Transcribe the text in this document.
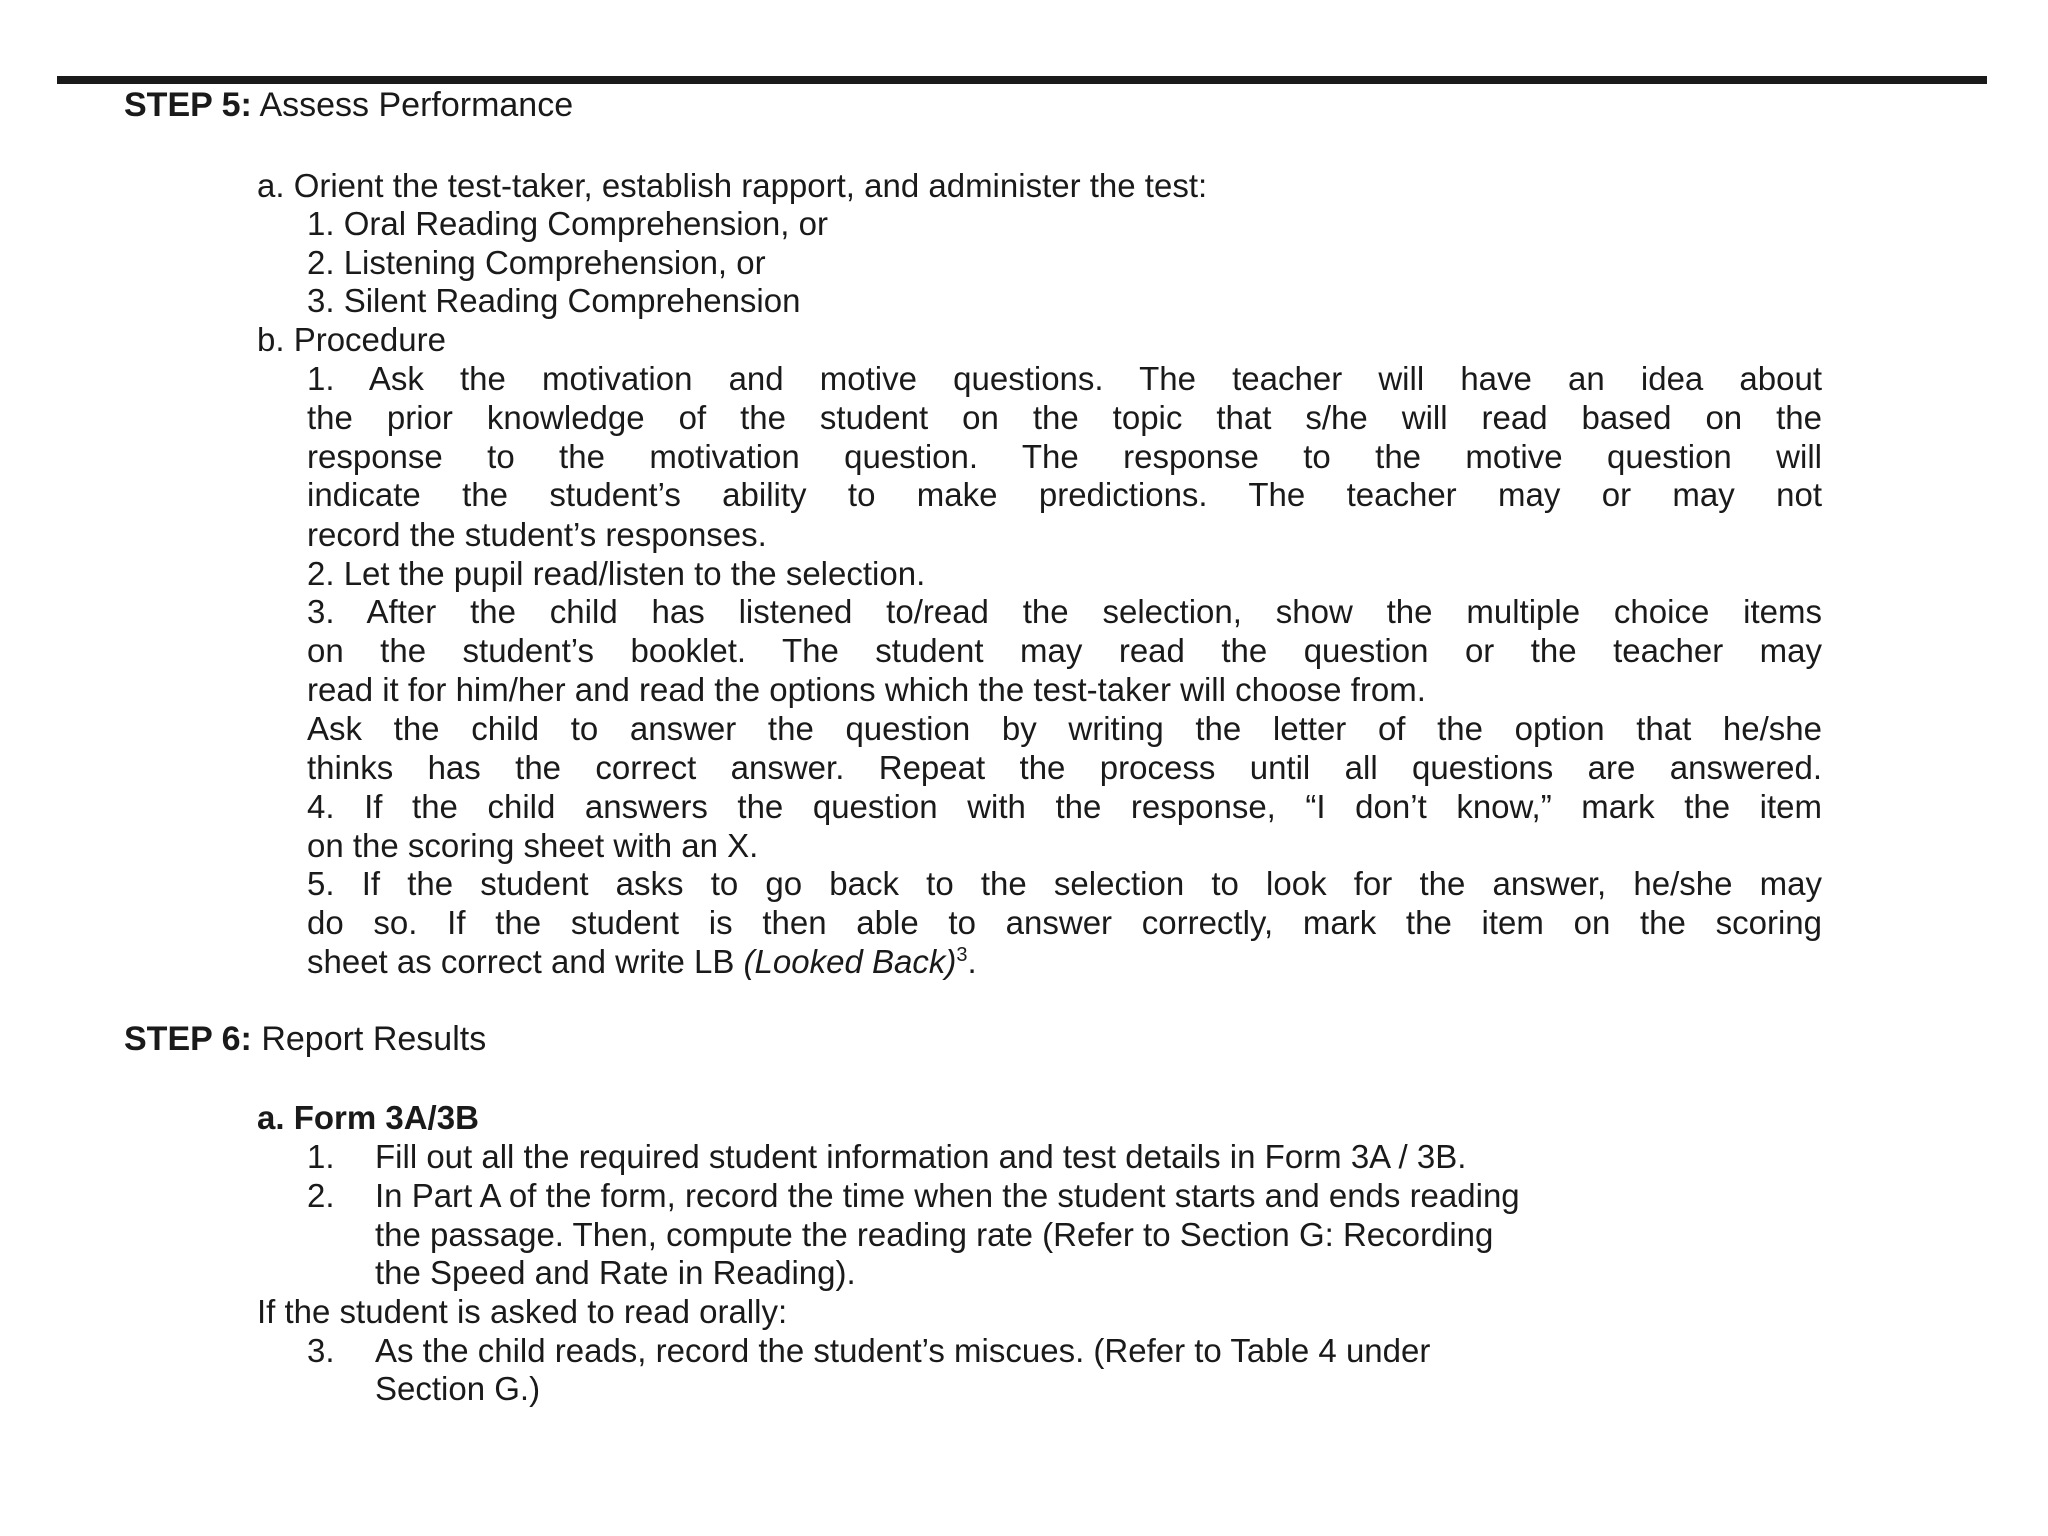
STEP 5: Assess Performance
a. Orient the test-taker, establish rapport, and administer the test:
1. Oral Reading Comprehension, or
2. Listening Comprehension, or
3. Silent Reading Comprehension
b. Procedure
1. Ask the motivation and motive questions. The teacher will have an idea about
the prior knowledge of the student on the topic that s/he will read based on the
response to the motivation question. The response to the motive question will
indicate the student’s ability to make predictions. The teacher may or may not
record the student’s responses.
2. Let the pupil read/listen to the selection.
3. After the child has listened to/read the selection, show the multiple choice items
on the student’s booklet. The student may read the question or the teacher may
read it for him/her and read the options which the test-taker will choose from.
Ask the child to answer the question by writing the letter of the option that he/she
thinks has the correct answer. Repeat the process until all questions are answered.
4. If the child answers the question with the response, “I don’t know,” mark the item
on the scoring sheet with an X.
5. If the student asks to go back to the selection to look for the answer, he/she may
do so. If the student is then able to answer correctly, mark the item on the scoring
sheet as correct and write LB (Looked Back)$^3$.
STEP 6: Report Results
a. Form 3A/3B
1. Fill out all the required student information and test details in Form 3A / 3B.
2. In Part A of the form, record the time when the student starts and ends reading
the passage. Then, compute the reading rate (Refer to Section G: Recording
the Speed and Rate in Reading).
If the student is asked to read orally:
3. As the child reads, record the student’s miscues. (Refer to Table 4 under
Section G.)
